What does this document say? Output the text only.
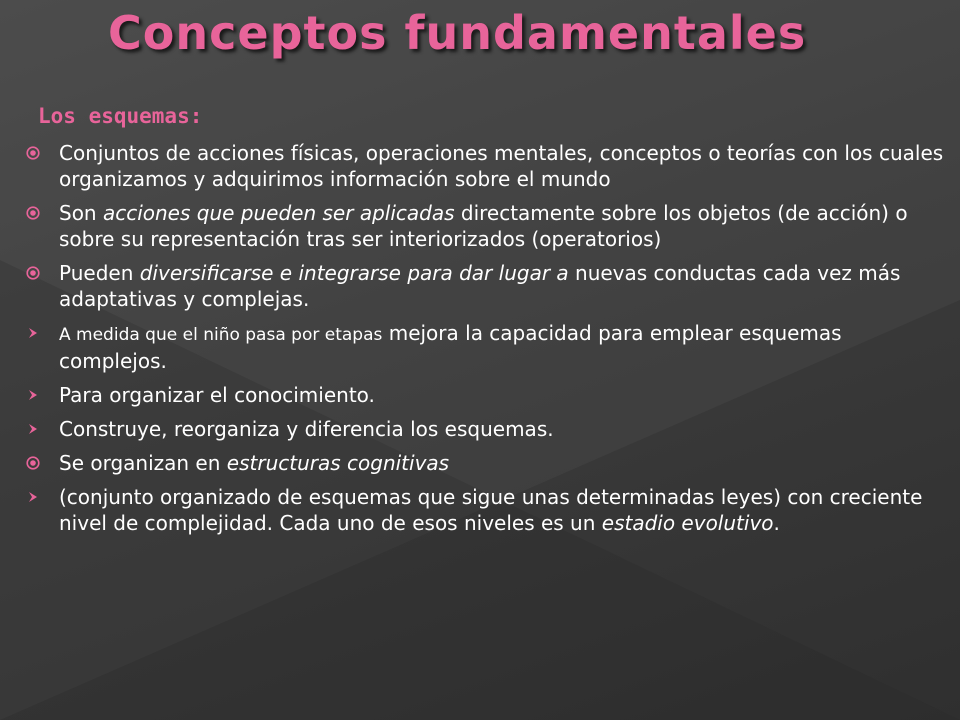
Conceptos fundamentales

Los esquemas:

Conjuntos de acciones físicas, operaciones mentales, conceptos o teorías con los cuales organizamos y adquirimos información sobre el mundo
Son acciones que pueden ser aplicadas directamente sobre los objetos (de acción) o sobre su representación tras ser interiorizados (operatorios)
Pueden diversificarse e integrarse para dar lugar a nuevas conductas cada vez más adaptativas y complejas.
A medida que el niño pasa por etapas mejora la capacidad para emplear esquemas complejos.
Para organizar el conocimiento.
Construye, reorganiza y diferencia los esquemas.
Se organizan en estructuras cognitivas
(conjunto organizado de esquemas que sigue unas determinadas leyes) con creciente nivel de complejidad. Cada uno de esos niveles es un estadio evolutivo.
